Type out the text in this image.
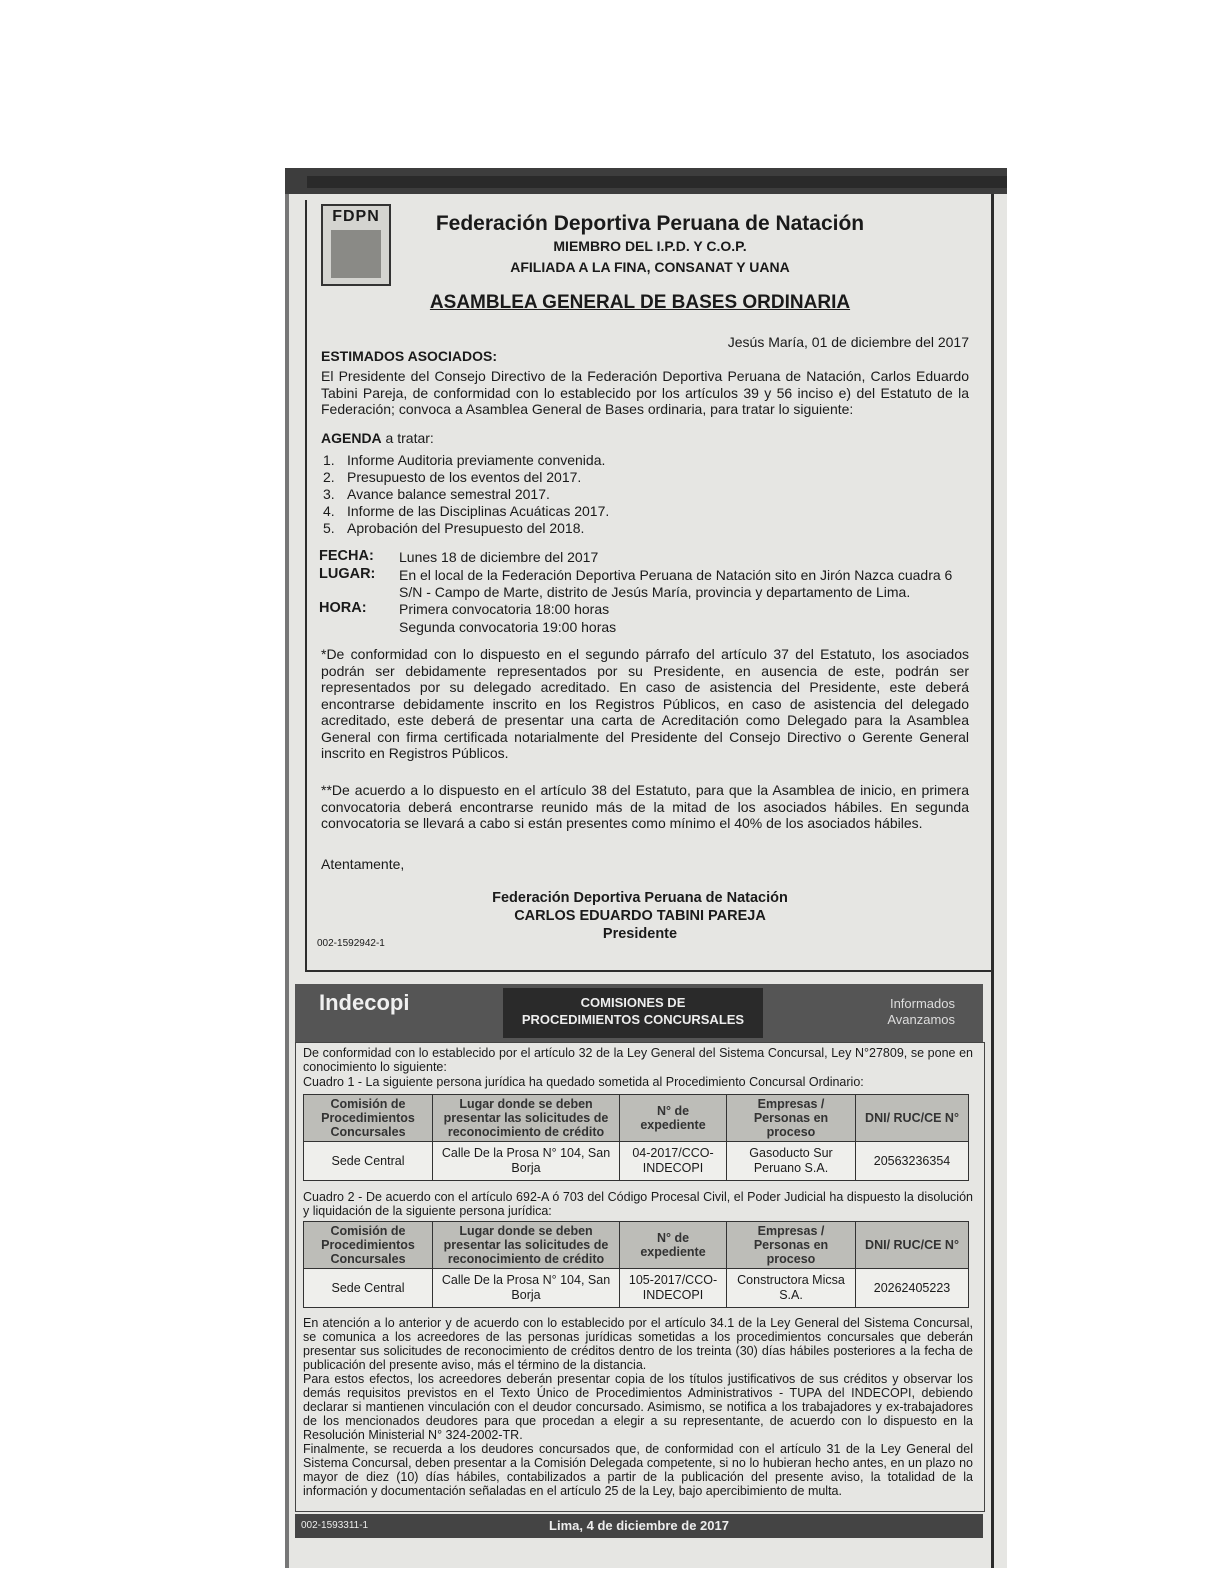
FDPN	Federación Deportiva Peruana de Natación
MIEMBRO DEL I.P.D. Y C.O.P.
AFILIADA A LA FINA, CONSANAT Y UANA
ASAMBLEA GENERAL DE BASES ORDINARIA
Jesús María, 01 de diciembre del 2017
ESTIMADOS ASOCIADOS:
El Presidente del Consejo Directivo de la Federación Deportiva Peruana de Natación, Carlos Eduardo Tabini Pareja, de conformidad con lo establecido por los artículos 39 y 56 inciso e) del Estatuto de la Federación; convoca a Asamblea General de Bases ordinaria, para tratar lo siguiente:
AGENDA a tratar:
1. Informe Auditoria previamente convenida.
2. Presupuesto de los eventos del 2017.
3. Avance balance semestral 2017.
4. Informe de las Disciplinas Acuáticas 2017.
5. Aprobación del Presupuesto del 2018.
FECHA: Lunes 18 de diciembre del 2017
LUGAR: En el local de la Federación Deportiva Peruana de Natación sito en Jirón Nazca cuadra 6 S/N - Campo de Marte, distrito de Jesús María, provincia y departamento de Lima.
HORA: Primera convocatoria 18:00 horas
Segunda convocatoria 19:00 horas
*De conformidad con lo dispuesto en el segundo párrafo del artículo 37 del Estatuto, los asociados podrán ser debidamente representados por su Presidente, en ausencia de este, podrán ser representados por su delegado acreditado. En caso de asistencia del Presidente, este deberá encontrarse debidamente inscrito en los Registros Públicos, en caso de asistencia del delegado acreditado, este deberá de presentar una carta de Acreditación como Delegado para la Asamblea General con firma certificada notarialmente del Presidente del Consejo Directivo o Gerente General inscrito en Registros Públicos.
**De acuerdo a lo dispuesto en el artículo 38 del Estatuto, para que la Asamblea de inicio, en primera convocatoria deberá encontrarse reunido más de la mitad de los asociados hábiles. En segunda convocatoria se llevará a cabo si están presentes como mínimo el 40% de los asociados hábiles.
Atentamente,
Federación Deportiva Peruana de Natación
CARLOS EDUARDO TABINI PAREJA
Presidente
002-1592942-1
Indecopi	COMISIONES DE
PROCEDIMIENTOS CONCURSALES
Informados
Avanzamos
De conformidad con lo establecido por el artículo 32 de la Ley General del Sistema Concursal, Ley N°27809, se pone en conocimiento lo siguiente:
Cuadro 1 - La siguiente persona jurídica ha quedado sometida al Procedimiento Concursal Ordinario:
Comisión de Procedimientos Concursales	Lugar donde se deben presentar las solicitudes de reconocimiento de crédito	N° de expediente	Empresas / Personas en proceso	DNI/ RUC/CE N°
Sede Central	Calle De la Prosa N° 104, San Borja	04-2017/CCO-INDECOPI	Gasoducto Sur Peruano S.A.	20563236354
Cuadro 2 - De acuerdo con el artículo 692-A ó 703 del Código Procesal Civil, el Poder Judicial ha dispuesto la disolución y liquidación de la siguiente persona jurídica:
Comisión de Procedimientos Concursales	Lugar donde se deben presentar las solicitudes de reconocimiento de crédito	N° de expediente	Empresas / Personas en proceso	DNI/ RUC/CE N°
Sede Central	Calle De la Prosa N° 104, San Borja	105-2017/CCO-INDECOPI	Constructora Micsa S.A.	20262405223
En atención a lo anterior y de acuerdo con lo establecido por el artículo 34.1 de la Ley General del Sistema Concursal, se comunica a los acreedores de las personas jurídicas sometidas a los procedimientos concursales que deberán presentar sus solicitudes de reconocimiento de créditos dentro de los treinta (30) días hábiles posteriores a la fecha de publicación del presente aviso, más el término de la distancia.
Para estos efectos, los acreedores deberán presentar copia de los títulos justificativos de sus créditos y observar los demás requisitos previstos en el Texto Único de Procedimientos Administrativos - TUPA del INDECOPI, debiendo declarar si mantienen vinculación con el deudor concursado. Asimismo, se notifica a los trabajadores y ex-trabajadores de los mencionados deudores para que procedan a elegir a su representante, de acuerdo con lo dispuesto en la Resolución Ministerial N° 324-2002-TR.
Finalmente, se recuerda a los deudores concursados que, de conformidad con el artículo 31 de la Ley General del Sistema Concursal, deben presentar a la Comisión Delegada competente, si no lo hubieran hecho antes, en un plazo no mayor de diez (10) días hábiles, contabilizados a partir de la publicación del presente aviso, la totalidad de la información y documentación señaladas en el artículo 25 de la Ley, bajo apercibimiento de multa.
002-1593311-1	Lima, 4 de diciembre de 2017
